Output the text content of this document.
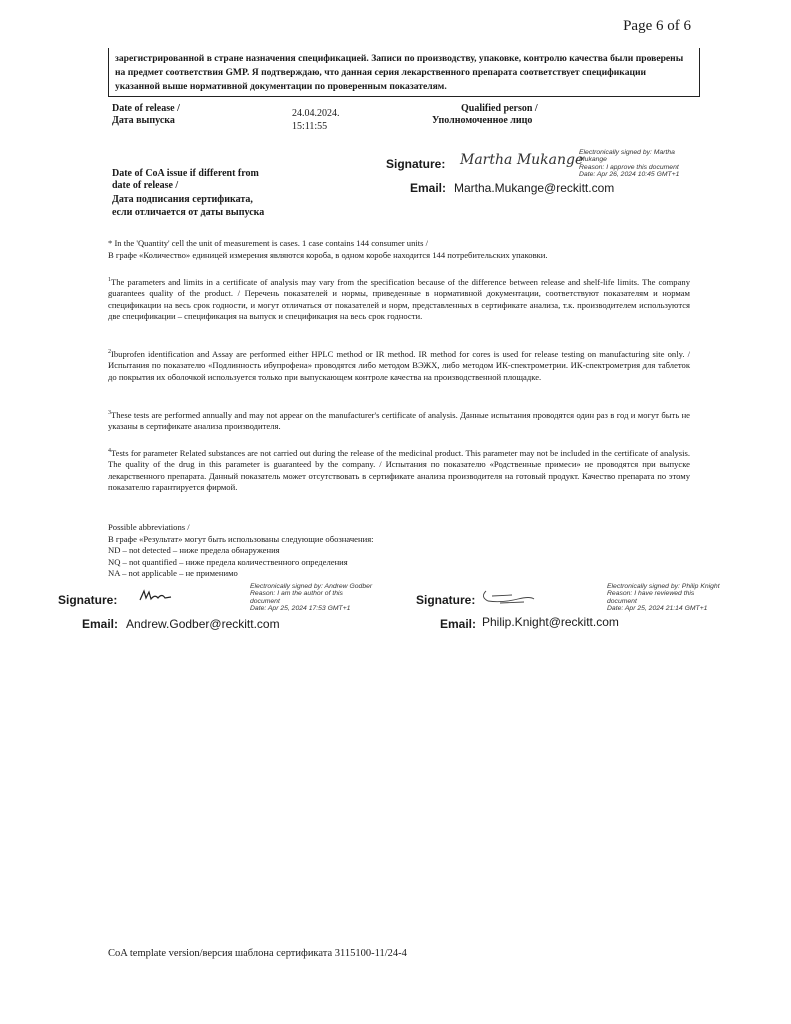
Page 6 of 6
зарегистрированной в стране назначения спецификацией. Записи по производству, упаковке, контролю качества были проверены на предмет соответствия GMP. Я подтверждаю, что данная серия лекарственного препарата соответствует спецификации указанной выше нормативной документации по проверенным показателям.
Date of release /
Дата выпуска
24.04.2024.
15:11:55
Qualified person /
Уполномоченное лицо
Date of CoA issue if different from
date of release /
Дата подписания сертификата,
если отличается от даты выпуска
Signature: Martha Mukange
Electronically signed by: Martha
Mukange
Reason: I approve this document
Date: Apr 26, 2024 10:45 GMT+1
Email: Martha.Mukange@reckitt.com
* In the 'Quantity' cell the unit of measurement is cases. 1 case contains 144 consumer units /
В графе «Количество» единицей измерения являются короба, в одном коробе находится 144 потребительских упаковки.
$^1$The parameters and limits in a certificate of analysis may vary from the specification because of the difference between release and shelf-life limits. The company guarantees quality of the product. / Перечень показателей и нормы, приведенные в нормативной документации, соответствуют показателям и нормам спецификации на весь срок годности, и могут отличаться от показателей и норм, представленных в сертификате анализа, т.к. производителем используются две спецификации – спецификация на выпуск и спецификация на весь срок годности.
$^2$Ibuprofen identification and Assay are performed either HPLC method or IR method. IR method for cores is used for release testing on manufacturing site only. / Испытания по показателю «Подлинность ибупрофена» проводятся либо методом ВЭЖХ, либо методом ИК-спектрометрии. ИК-спектрометрия для таблеток до покрытия их оболочкой используется только при выпускающем контроле качества на производственной площадке.
$^3$These tests are performed annually and may not appear on the manufacturer's certificate of analysis. Данные испытания проводятся один раз в год и могут быть не указаны в сертификате анализа производителя.
$^4$Tests for parameter Related substances are not carried out during the release of the medicinal product. This parameter may not be included in the certificate of analysis. The quality of the drug in this parameter is guaranteed by the company. / Испытания по показателю «Родственные примеси» не проводятся при выпуске лекарственного препарата. Данный показатель может отсутствовать в сертификате анализа производителя на готовый продукт. Качество препарата по этому показателю гарантируется фирмой.
Possible abbreviations /
В графе «Результат» могут быть использованы следующие обозначения:
ND – not detected – ниже предела обнаружения
NQ – not quantified – ниже предела количественного определения
NA – not applicable – не применимо
Signature:
Electronically signed by: Andrew Godber
Reason: I am the author of this
document
Date: Apr 25, 2024 17:53 GMT+1
Email: Andrew.Godber@reckitt.com
Signature:
Electronically signed by: Philip Knight
Reason: I have reviewed this
document
Date: Apr 25, 2024 21:14 GMT+1
Email: Philip.Knight@reckitt.com
CoA template version/версия шаблона сертификата 3115100-11/24-4
